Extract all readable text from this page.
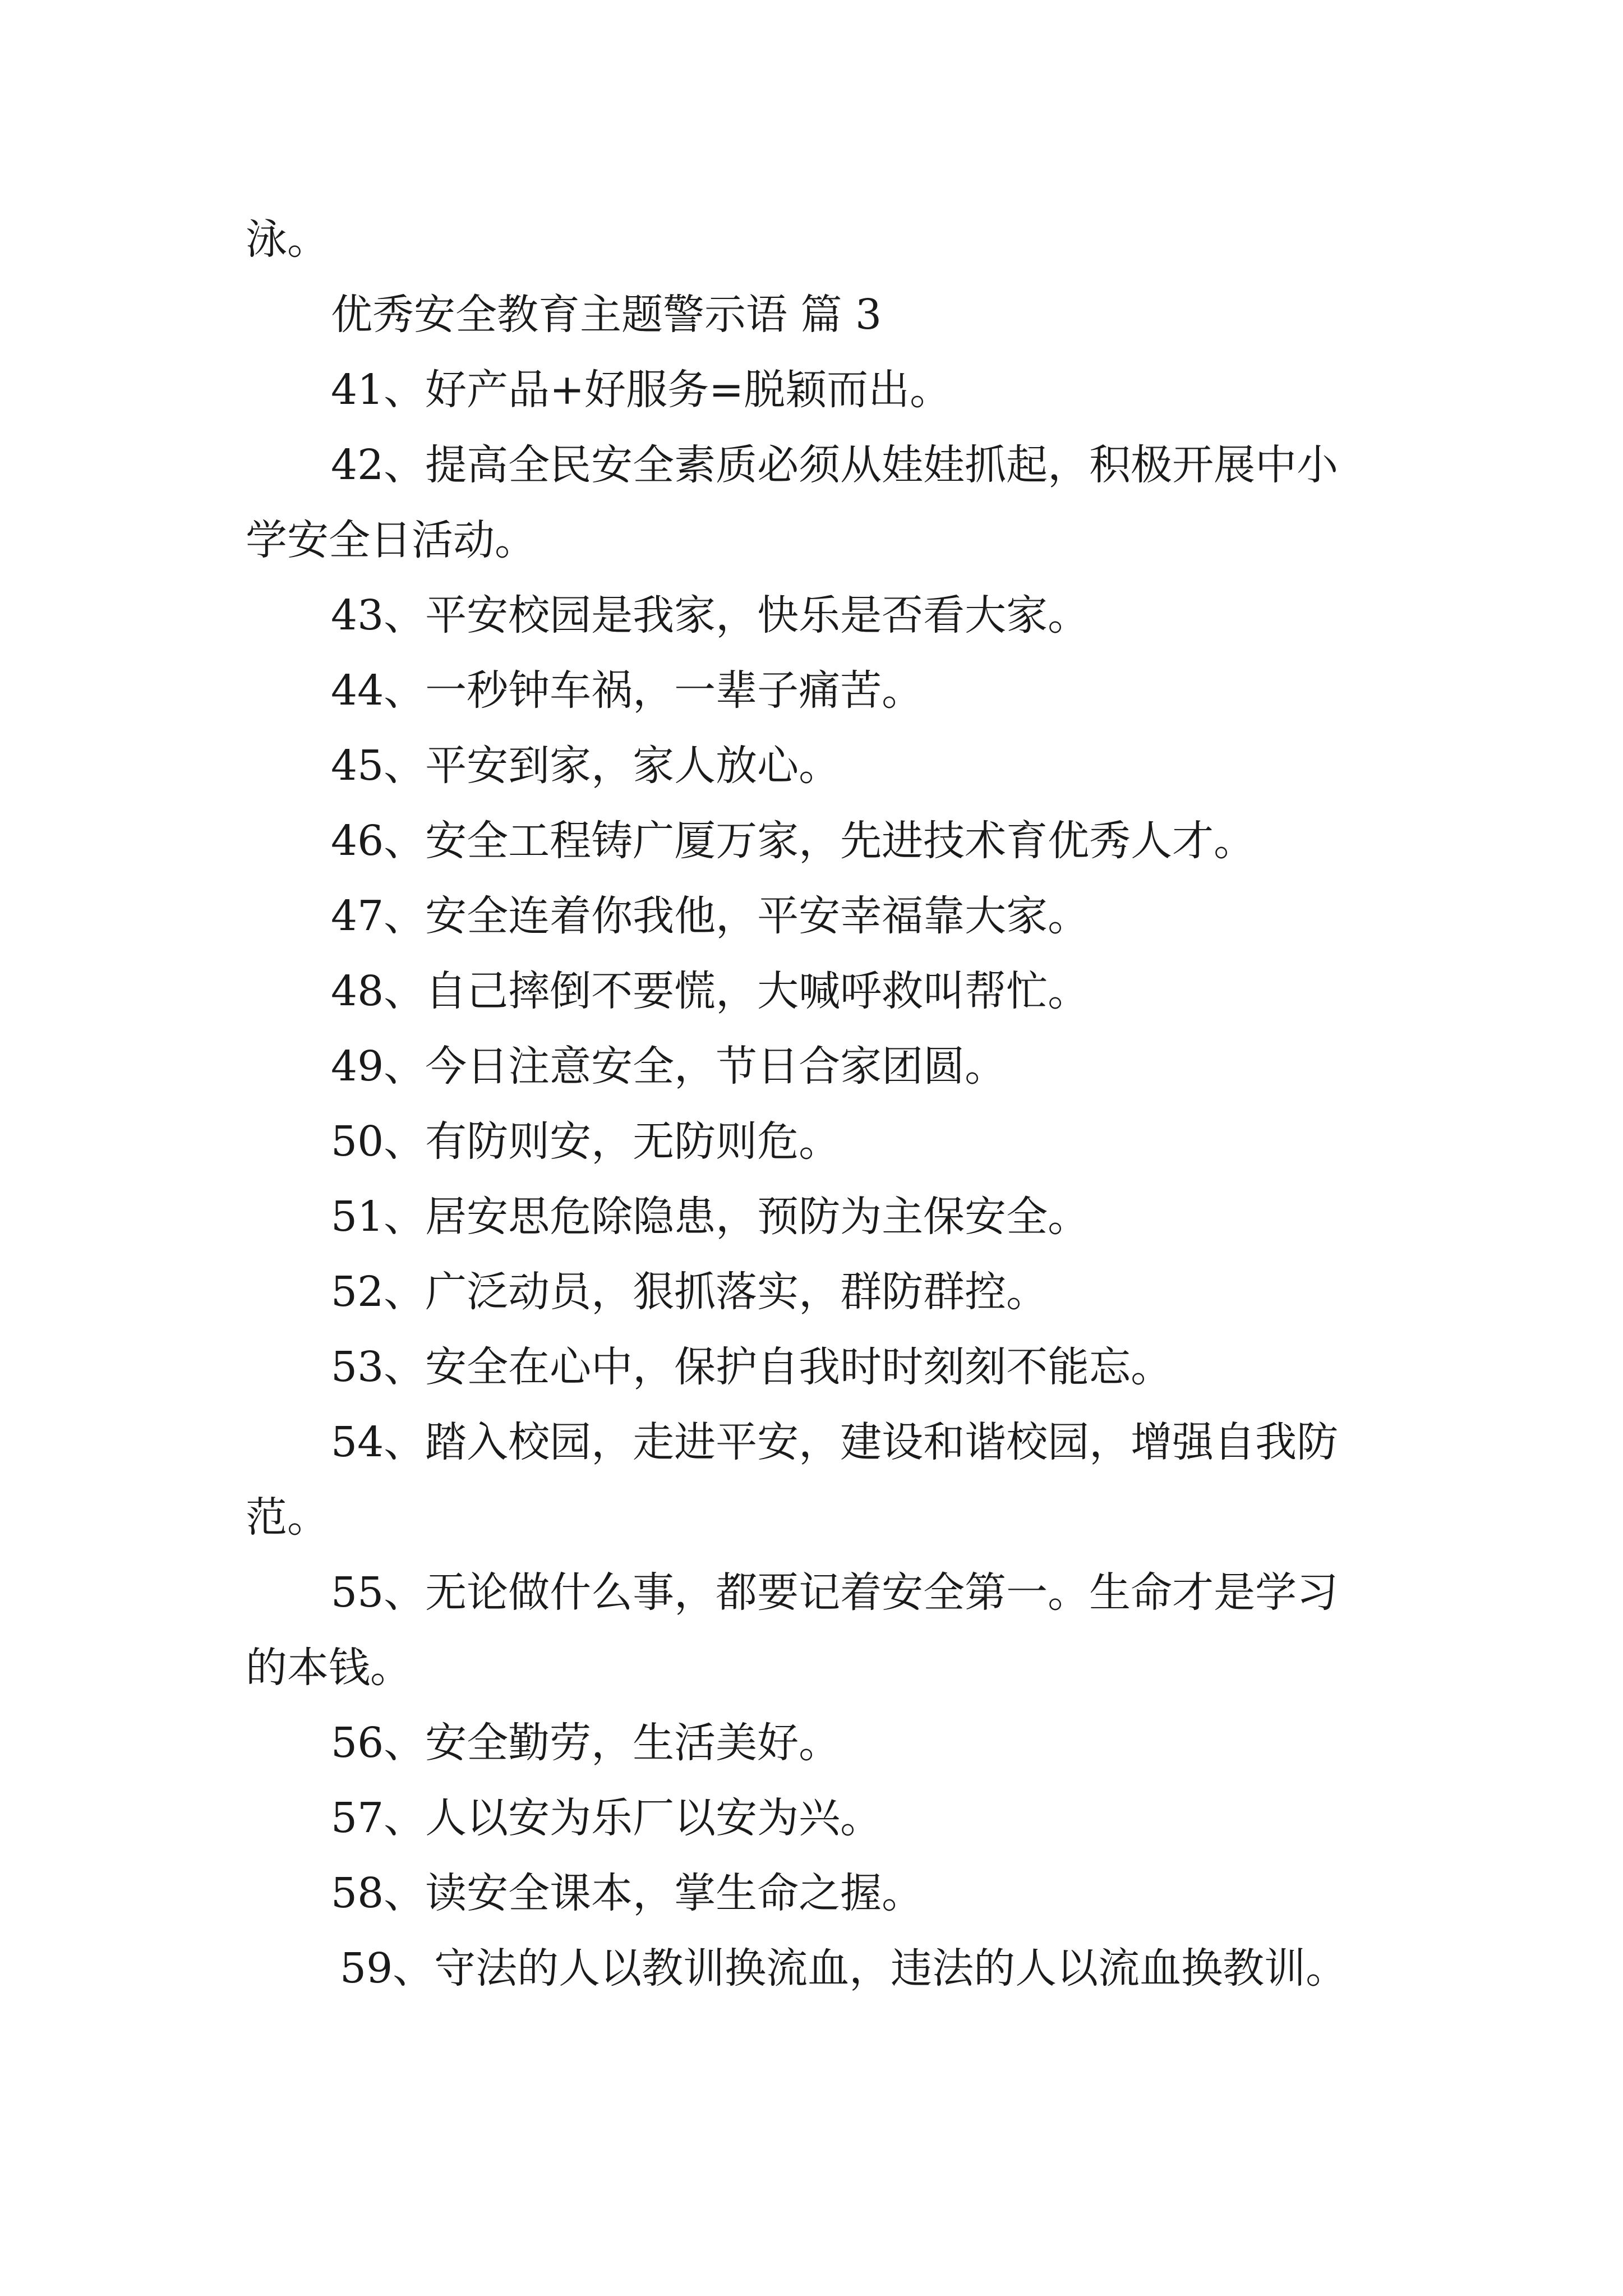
泳。

优秀安全教育主题警示语 篇 3

41、好产品+好服务=脱颖而出。

42、提高全民安全素质必须从娃娃抓起，积极开展中小学安全日活动。

43、平安校园是我家，快乐是否看大家。

44、一秒钟车祸，一辈子痛苦。

45、平安到家，家人放心。

46、安全工程铸广厦万家，先进技术育优秀人才。

47、安全连着你我他，平安幸福靠大家。

48、自己摔倒不要慌，大喊呼救叫帮忙。

49、今日注意安全，节日合家团圆。

50、有防则安，无防则危。

51、居安思危除隐患，预防为主保安全。

52、广泛动员，狠抓落实，群防群控。

53、安全在心中，保护自我时时刻刻不能忘。

54、踏入校园，走进平安，建设和谐校园，增强自我防范。

55、无论做什么事，都要记着安全第一。生命才是学习的本钱。

56、安全勤劳，生活美好。

57、人以安为乐厂以安为兴。

58、读安全课本，掌生命之握。

59、守法的人以教训换流血，违法的人以流血换教训。
